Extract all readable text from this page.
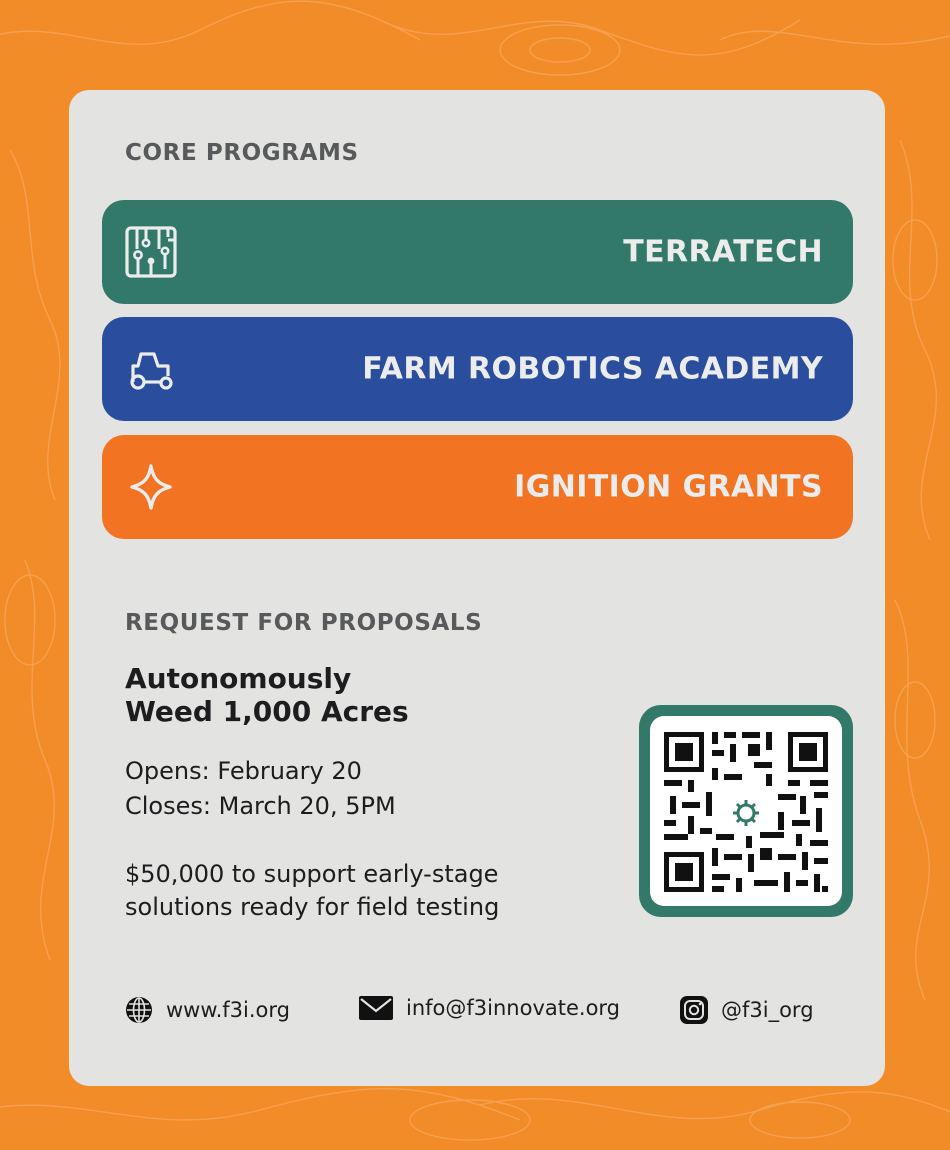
CORE PROGRAMS
TERRATECH
FARM ROBOTICS ACADEMY
IGNITION GRANTS
REQUEST FOR PROPOSALS
Autonomously
Weed 1,000 Acres
Opens: February 20
Closes: March 20, 5PM
$50,000 to support early-stage
solutions ready for field testing
www.f3i.org	info@f3innovate.org	@f3i_org
